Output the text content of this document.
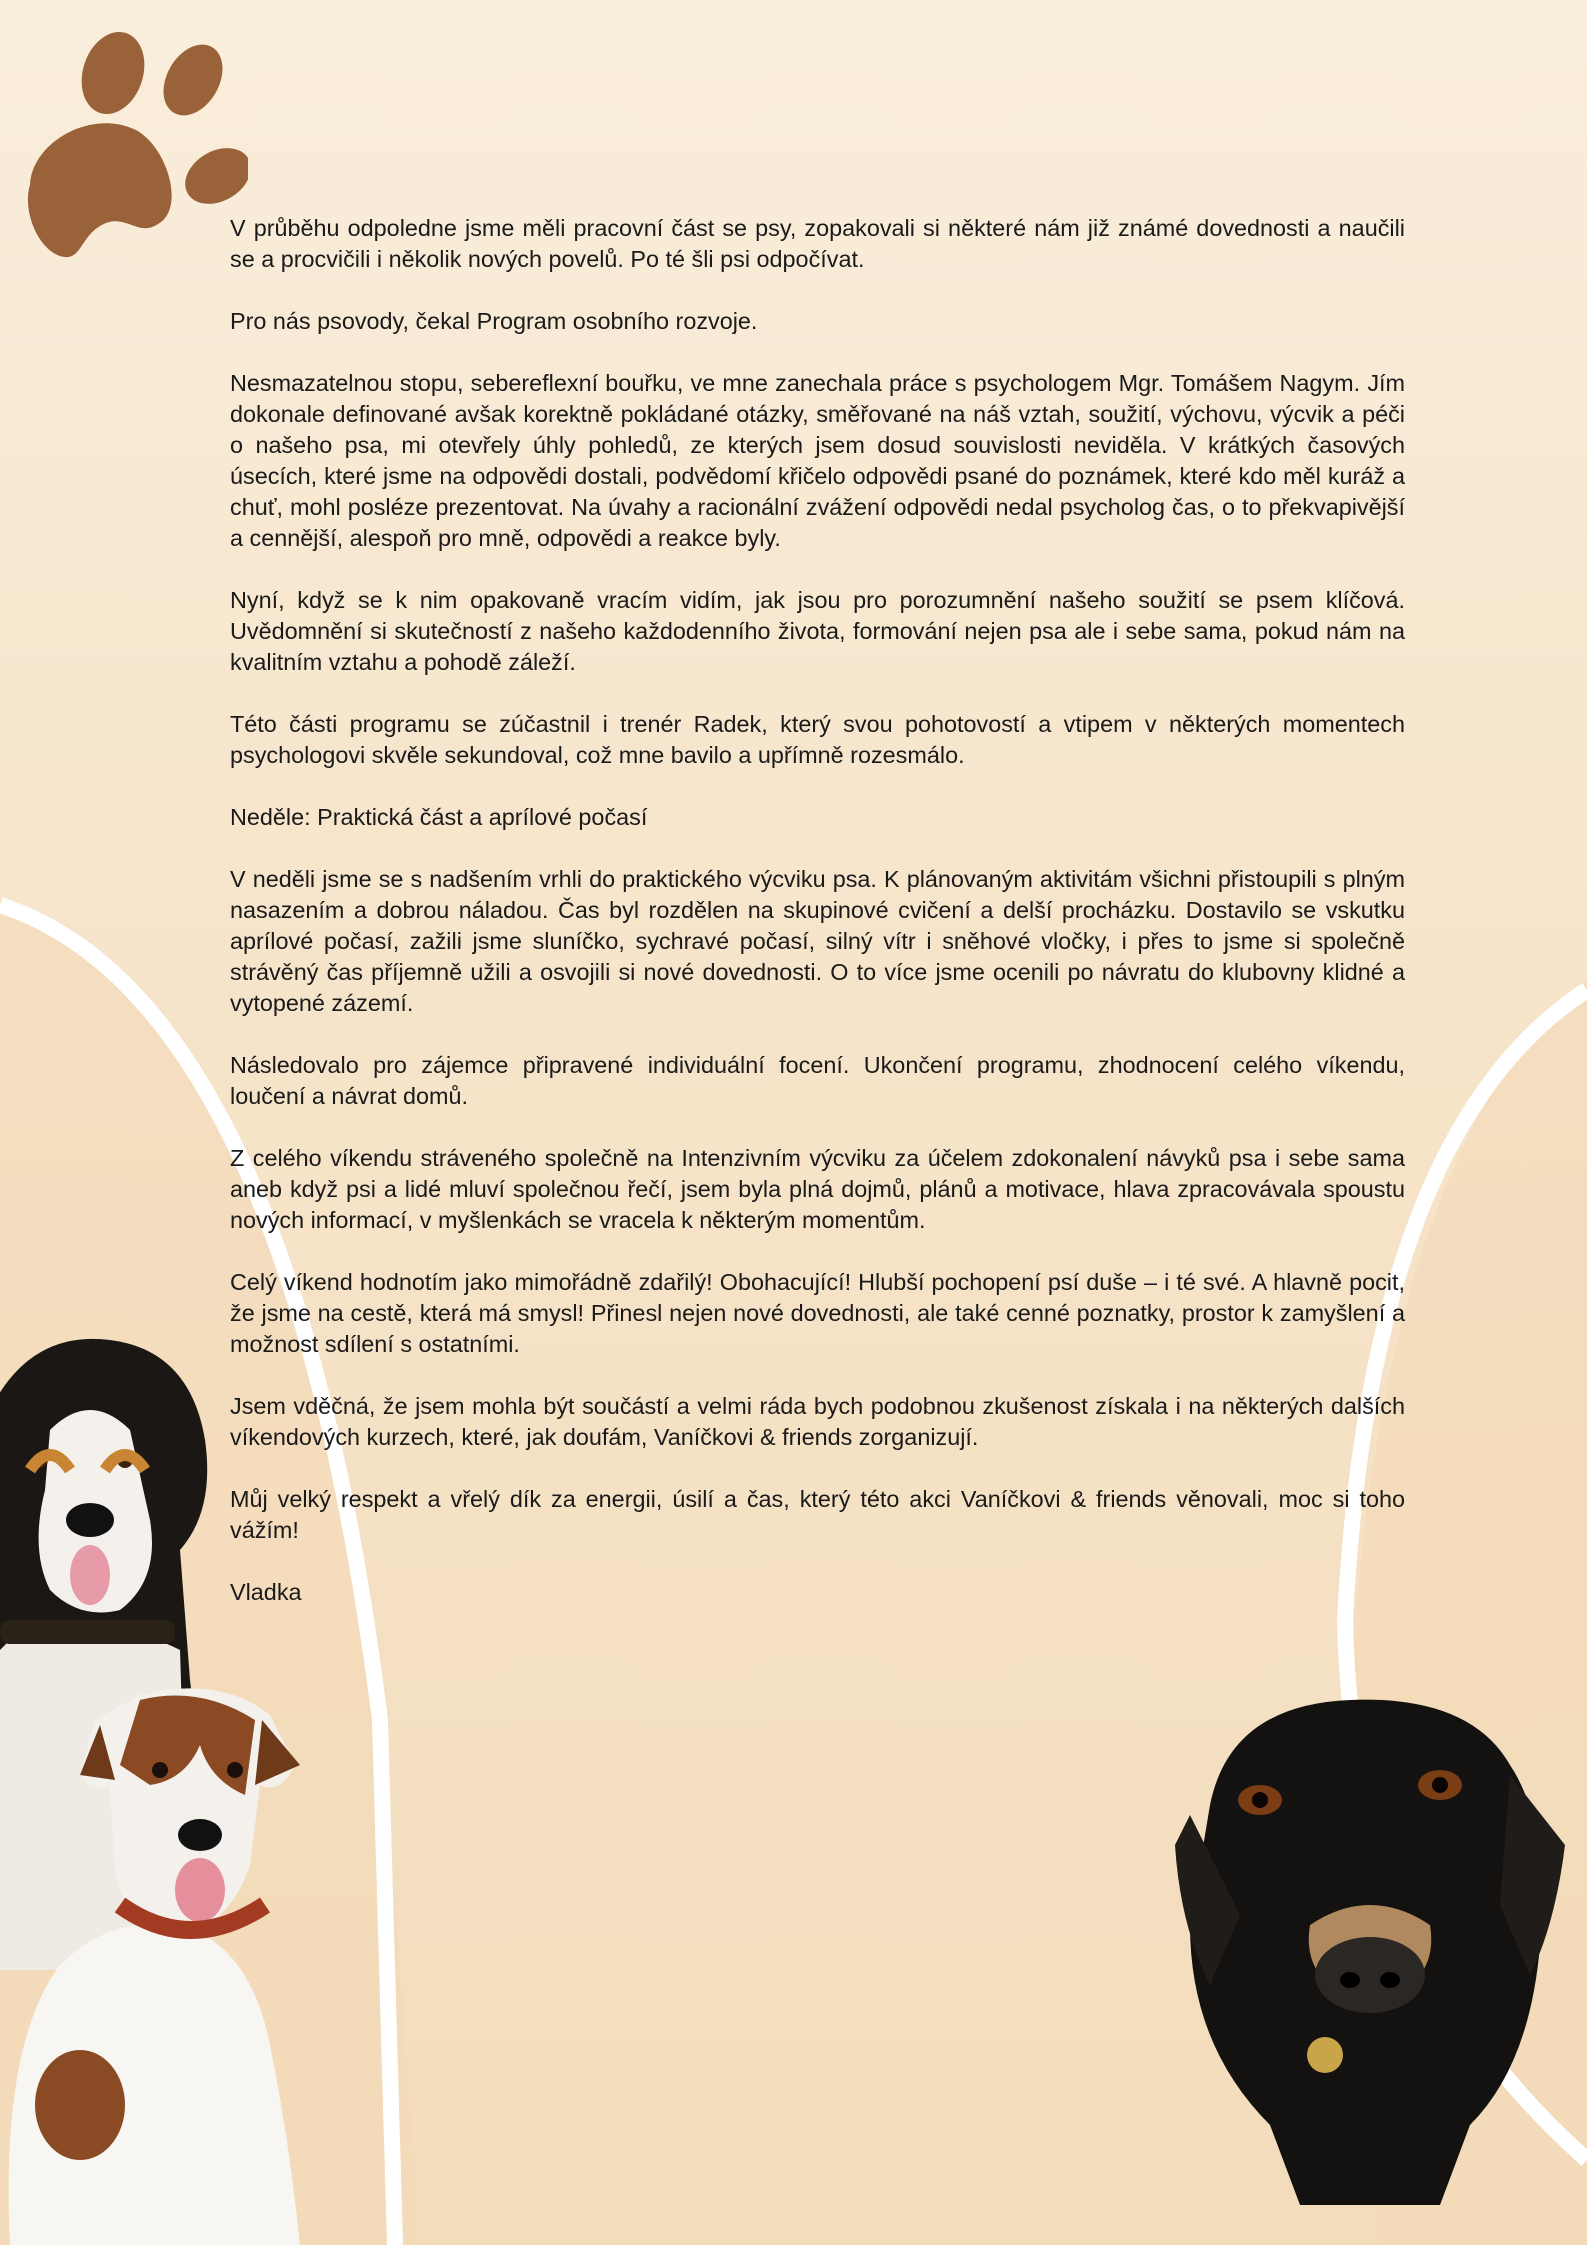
V průběhu odpoledne jsme měli pracovní část se psy, zopakovali si některé nám již známé dovednosti a naučili se a procvičili i několik nových povelů. Po té šli psi odpočívat.

Pro nás psovody, čekal Program osobního rozvoje.

Nesmazatelnou stopu, sebereflexní bouřku, ve mne zanechala práce s psychologem Mgr. Tomášem Nagym. Jím dokonale definované avšak korektně pokládané otázky, směřované na náš vztah, soužití, výchovu, výcvik a péči o našeho psa, mi otevřely úhly pohledů, ze kterých jsem dosud souvislosti neviděla. V krátkých časových úsecích, které jsme na odpovědi dostali, podvědomí křičelo odpovědi psané do poznámek, které kdo měl kuráž a chuť, mohl posléze prezentovat. Na úvahy a racionální zvážení odpovědi nedal psycholog čas, o to překvapivější a cennější, alespoň pro mně, odpovědi a reakce byly.

Nyní, když se k nim opakovaně vracím vidím, jak jsou pro porozumnění našeho soužití se psem klíčová. Uvědomnění si skutečností z našeho každodenního života, formování nejen psa ale i sebe sama, pokud nám na kvalitním vztahu a pohodě záleží.

Této části programu se zúčastnil i trenér Radek, který svou pohotovostí a vtipem v některých momentech psychologovi skvěle sekundoval, což mne bavilo a upřímně rozesmálo.

Neděle: Praktická část a aprílové počasí

V neděli jsme se s nadšením vrhli do praktického výcviku psa. K plánovaným aktivitám všichni přistoupili s plným nasazením a dobrou náladou. Čas byl rozdělen na skupinové cvičení a delší procházku. Dostavilo se vskutku aprílové počasí, zažili jsme sluníčko, sychravé počasí, silný vítr i sněhové vločky, i přes to jsme si společně strávěný čas příjemně užili a osvojili si nové dovednosti. O to více jsme ocenili po návratu do klubovny klidné a vytopené zázemí.

Následovalo pro zájemce připravené individuální focení. Ukončení programu, zhodnocení celého víkendu, loučení a návrat domů.

Z celého víkendu stráveného společně na Intenzivním výcviku za účelem zdokonalení návyků psa i sebe sama aneb když psi a lidé mluví společnou řečí, jsem byla plná dojmů, plánů a motivace, hlava zpracovávala spoustu nových informací, v myšlenkách se vracela k některým momentům.

Celý víkend hodnotím jako mimořádně zdařilý! Obohacující! Hlubší pochopení psí duše – i té své. A hlavně pocit, že jsme na cestě, která má smysl! Přinesl nejen nové dovednosti, ale také cenné poznatky, prostor k zamyšlení a možnost sdílení s ostatními.

Jsem vděčná, že jsem mohla být součástí a velmi ráda bych podobnou zkušenost získala i na některých dalších víkendových kurzech, které, jak doufám, Vaníčkovi & friends zorganizují.

Můj velký respekt a vřelý dík za energii, úsilí a čas, který této akci Vaníčkovi & friends věnovali, moc si toho vážím!

Vladka
